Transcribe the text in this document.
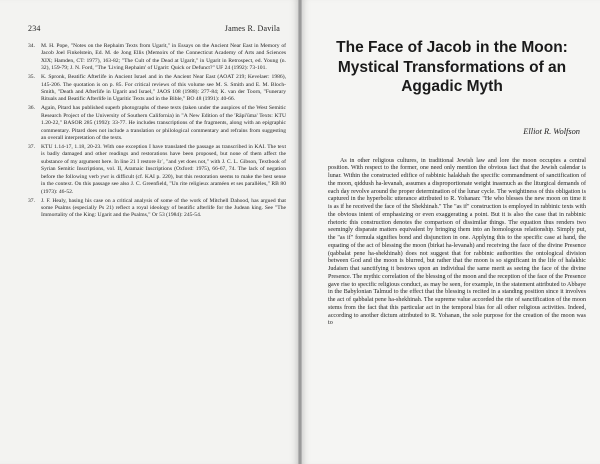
234	James R. Davila
34. M. H. Pope, "Notes on the Rephaim Texts from Ugarit," in Essays on the Ancient Near East in Memory of Jacob Joel Finkelstein, Ed. M. de Jong Ellis (Memoirs of the Connecticut Academy of Arts and Sciences XIX; Hamden, CT: 1977), 163-82; "The Cult of the Dead at Ugarit," in Ugarit in Retrospect, ed. Young (n. 32), 159-79; J. N. Ford, "The 'Living Rephaim' of Ugarit: Quick or Defunct?" UF 24 (1992): 73-101.
35. K. Spronk, Beatific Afterlife in Ancient Israel and in the Ancient Near East (AOAT 219; Kevelaer: 1986), 145-206. The quotation is on p. 85. For critical reviews of this volume see M. S. Smith and E. M. Bloch-Smith, "Death and Afterlife in Ugarit and Israel," JAOS 108 (1988): 277-84; K. van der Toorn, "Funerary Rituals and Beatific Afterlife in Ugaritic Texts and in the Bible," BO 48 (1991): 40-66.
36. Again, Pitard has published superb photographs of these texts (taken under the auspices of the West Semitic Research Project of the University of Southern California) in "A New Edition of the 'Rāpi'ūma' Texts: KTU 1.20-22," BASOR 285 (1992): 33-77. He includes transcriptions of the fragments, along with an epigraphic commentary. Pitard does not include a translation or philological commentary and refrains from suggesting an overall interpretation of the texts.
37. KTU 1.14-17, 1.18, 20-23. With one exception I have translated the passage as transcribed in KAI. The text is badly damaged and other readings and restorations have been proposed, but none of them affect the substance of my argument here. In line 21 I restore šrʿ, "and yet does not," with J. C. L. Gibson, Textbook of Syrian Semitic Inscriptions, vol. II, Aramaic Inscriptions (Oxford: 1975), 66-67, 74. The lack of negation before the following verb ywr is difficult (cf. KAI p. 220), but this restoration seems to make the best sense in the context. On this passage see also J. C. Greenfield, "Un rite religieux araméen et ses parallèles," RB 80 (1973): 46-52.
37. J. F. Healy, basing his case on a critical analysis of some of the work of Mitchell Dahood, has argued that some Psalms (especially Ps 21) reflect a royal ideology of beatific afterlife for the Judean king. See "The Immortality of the King: Ugarit and the Psalms," Or 53 (1984): 245-54.
The Face of Jacob in the Moon: Mystical Transformations of an Aggadic Myth
Elliot R. Wolfson

As in other religious cultures, in traditional Jewish law and lore the moon occupies a central position. With respect to the former, one need only mention the obvious fact that the Jewish calendar is lunar. Within the constructed edifice of rabbinic halakhah the specific commandment of sanctification of the moon, qiddush ha-levanah, assumes a disproportionate weight inasmuch as the liturgical demands of each day revolve around the proper determination of the lunar cycle. The weightiness of this obligation is captured in the hyperbolic utterance attributed to R. Yohanan: "He who blesses the new moon on time it is as if he received the face of the Shekhinah." The "as if" construction is employed in rabbinic texts with the obvious intent of emphasizing or even exaggerating a point. But it is also the case that in rabbinic rhetoric this construction denotes the comparison of dissimilar things. The equation thus renders two seemingly disparate matters equivalent by bringing them into an homologous relationship. Simply put, the "as if" formula signifies bond and disjunction in one. Applying this to the specific case at hand, the equating of the act of blessing the moon (birkat ha-levanah) and receiving the face of the divine Presence (qabbalat pene ha-shekhinah) does not suggest that for rabbinic authorities the ontological division between God and the moon is blurred, but rather that the moon is so significant in the life of halakhic Judaism that sanctifying it bestows upon an individual the same merit as seeing the face of the divine Presence. The mythic correlation of the blessing of the moon and the reception of the face of the Presence gave rise to specific religious conduct, as may be seen, for example, in the statement attributed to Abbaye in the Babylonian Talmud to the effect that the blessing is recited in a standing position since it involves the act of qabbalat pene ha-shekhinah. The supreme value accorded the rite of sanctification of the moon stems from the fact that this particular act in the temporal bias for all other religious activities. Indeed, according to another dictum attributed to R. Yohanan, the sole purpose for the creation of the moon was to
